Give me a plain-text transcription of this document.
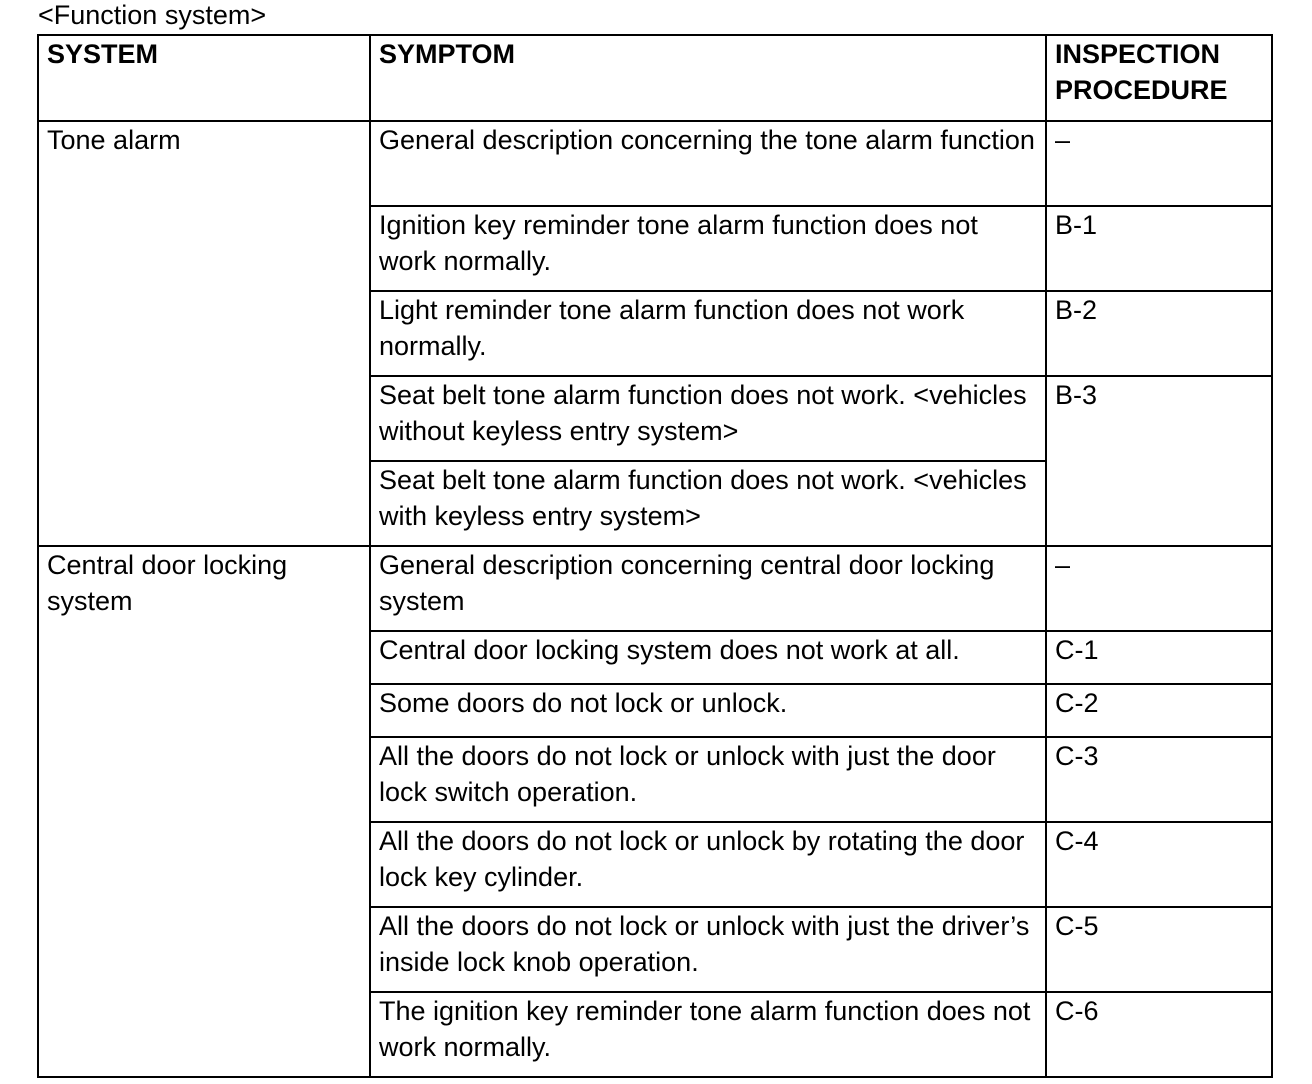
<Function system>
SYSTEM	SYMPTOM	INSPECTION
PROCEDURE
Tone alarm	General description concerning the tone alarm function	–
	Ignition key reminder tone alarm function does not work normally.	B-1
	Light reminder tone alarm function does not work normally.	B-2
	Seat belt tone alarm function does not work. <vehicles without keyless entry system>	B-3
	Seat belt tone alarm function does not work. <vehicles with keyless entry system>	
Central door locking system	General description concerning central door locking system	–
	Central door locking system does not work at all.	C-1
	Some doors do not lock or unlock.	C-2
	All the doors do not lock or unlock with just the door lock switch operation.	C-3
	All the doors do not lock or unlock by rotating the door lock key cylinder.	C-4
	All the doors do not lock or unlock with just the driver’s inside lock knob operation.	C-5
	The ignition key reminder tone alarm function does not work normally.	C-6
